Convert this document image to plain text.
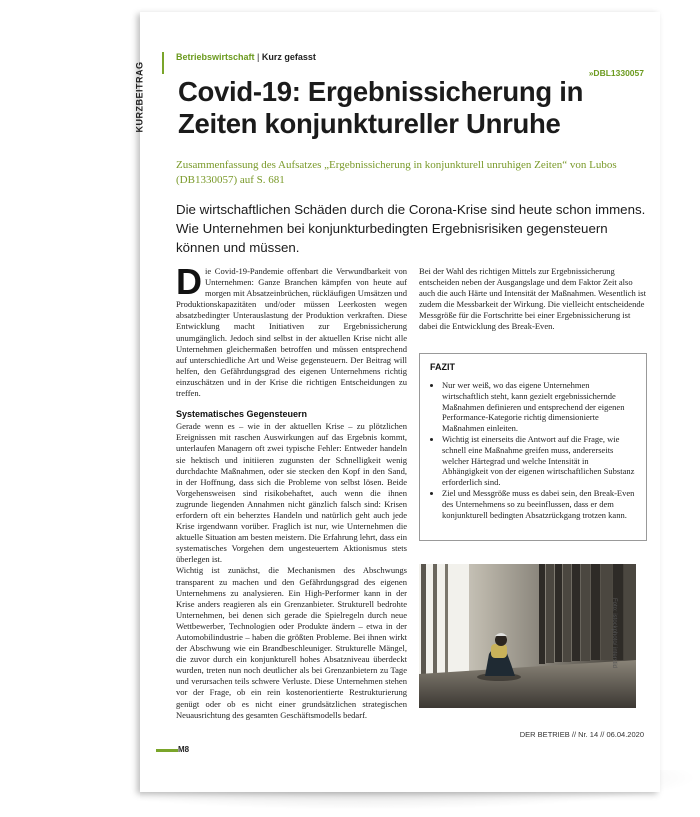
KURZBEITRAG
Betriebswirtschaft | Kurz gefasst
»DBL1330057
Covid-19: Ergebnissicherung in Zeiten konjunktureller Unruhe
Zusammenfassung des Aufsatzes „Ergebnissicherung in konjunkturell unruhigen Zeiten“ von Lubos (DB1330057) auf S. 681
Die wirtschaftlichen Schäden durch die Corona-Krise sind heute schon immens. Wie Unternehmen bei konjunkturbedingten Ergebnisrisiken gegensteuern können und müssen.
D ie Covid-19-Pandemie offenbart die Verwundbarkeit von Unternehmen: Ganze Branchen kämpfen von heute auf morgen mit Absatzeinbrüchen, rückläufigen Umsätzen und Produktionskapazitäten und/oder müssen Leerkosten wegen absatzbedingter Unterauslastung der Produktion verkraften. Diese Entwicklung macht Initiativen zur Ergebnissicherung unumgänglich. Jedoch sind selbst in der aktuellen Krise nicht alle Unternehmen gleichermaßen betroffen und müssen entsprechend auf unterschiedliche Art und Weise gegensteuern. Der Beitrag will helfen, den Gefährdungsgrad des eigenen Unternehmens richtig einzuschätzen und in der Krise die richtigen Entscheidungen zu treffen.

Systematisches Gegensteuern

Gerade wenn es – wie in der aktuellen Krise – zu plötzlichen Ereignissen mit raschen Auswirkungen auf das Ergebnis kommt, unterlaufen Managern oft zwei typische Fehler: Entweder handeln sie hektisch und initiieren zugunsten der Schnelligkeit wenig durchdachte Maßnahmen, oder sie stecken den Kopf in den Sand, in der Hoffnung, dass sich die Probleme von selbst lösen. Beide Vorgehensweisen sind risikobehaftet, auch wenn die ihnen zugrunde liegenden Annahmen nicht gänzlich falsch sind: Krisen erfordern oft ein beherztes Handeln und natürlich geht auch jede Krise irgendwann vorüber. Fraglich ist nur, wie Unternehmen die aktuelle Situation am besten meistern. Die Erfahrung lehrt, dass ein systematisches Vorgehen dem ungesteuertem Aktionismus stets überlegen ist.

Wichtig ist zunächst, die Mechanismen des Abschwungs transparent zu machen und den Gefährdungsgrad des eigenen Unternehmens zu analysieren. Ein High-Performer kann in der Krise anders reagieren als ein Grenzanbieter. Strukturell bedrohte Unternehmen, bei denen sich gerade die Spielregeln durch neue Wettbewerber, Technologien oder Produkte ändern – etwa in der Automobilindustrie – haben die größten Probleme. Bei ihnen wirkt der Abschwung wie ein Brandbeschleuniger. Strukturelle Mängel, die zuvor durch ein konjunkturell hohes Absatzniveau überdeckt wurden, treten nun noch deutlicher als bei Grenzanbietern zu Tage und verursachen teils schwere Verluste. Diese Unternehmen stehen vor der Frage, ob ein rein kostenorientierte Restrukturierung genügt oder ob es nicht einer grundsätzlichen strategischen Neuausrichtung des gesamten Geschäftsmodells bedarf.

Bei der Wahl des richtigen Mittels zur Ergebnissicherung entscheiden neben der Ausgangslage und dem Faktor Zeit also auch die auch Härte und Intensität der Maßnahmen. Wesentlich ist zudem die Messbarkeit der Wirkung. Die vielleicht entscheidende Messgröße für die Fortschritte bei einer Ergebnissicherung ist dabei die Entwicklung des Break-Even.

FAZIT
• Nur wer weiß, wo das eigene Unternehmen wirtschaftlich steht, kann gezielt ergebnissichernde Maßnahmen definieren und entsprechend der eigenen Performance-Kategorie richtig dimensionierte Maßnahmen einleiten.
• Wichtig ist einerseits die Antwort auf die Frage, wie schnell eine Maßnahme greifen muss, andererseits welcher Härtegrad und welche Intensität in Abhängigkeit von der eigenen wirtschaftlichen Substanz erforderlich sind.
• Ziel und Messgröße muss es dabei sein, den Break-Even des Unternehmens so zu beeinflussen, dass er dem konjunkturell bedingten Absatzrückgang trotzen kann.
Foto: istockphoto/ interstid
DER BETRIEB // Nr. 14 // 06.04.2020
M8
